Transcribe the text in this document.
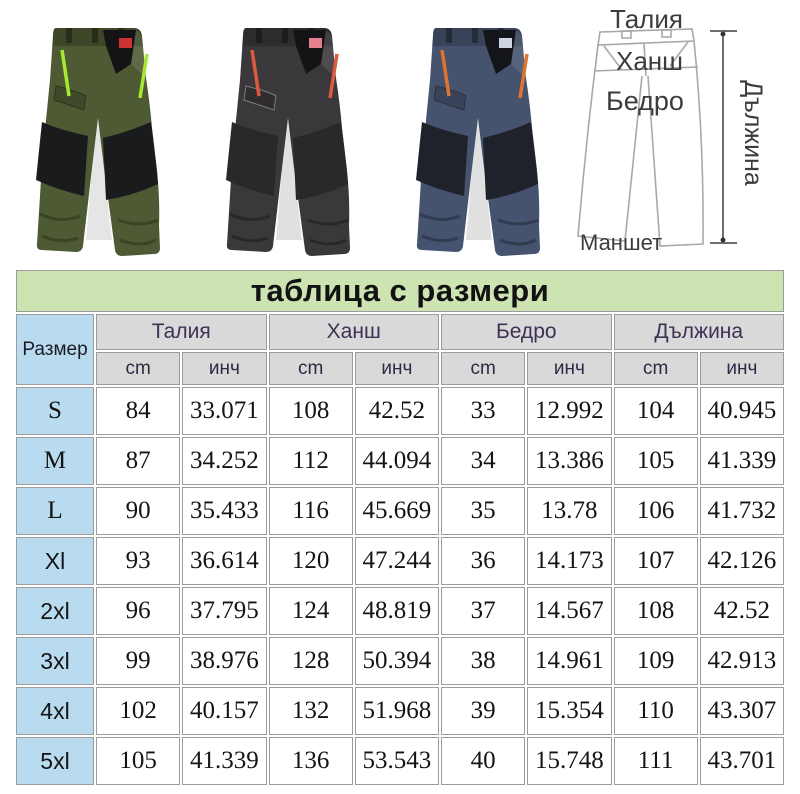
Талия
Ханш
Бедро Дължина
Маншет
таблица с размери								
Размер	Талия		Ханш		Бедро		Дължина	
	cm	инч	cm	инч	cm	инч	cm	инч
S	84	33.071	108	42.52	33	12.992	104	40.945
M	87	34.252	112	44.094	34	13.386	105	41.339
L	90	35.433	116	45.669	35	13.78	106	41.732
Xl	93	36.614	120	47.244	36	14.173	107	42.126
2xl	96	37.795	124	48.819	37	14.567	108	42.52
3xl	99	38.976	128	50.394	38	14.961	109	42.913
4xl	102	40.157	132	51.968	39	15.354	110	43.307
5xl	105	41.339	136	53.543	40	15.748	111	43.701
